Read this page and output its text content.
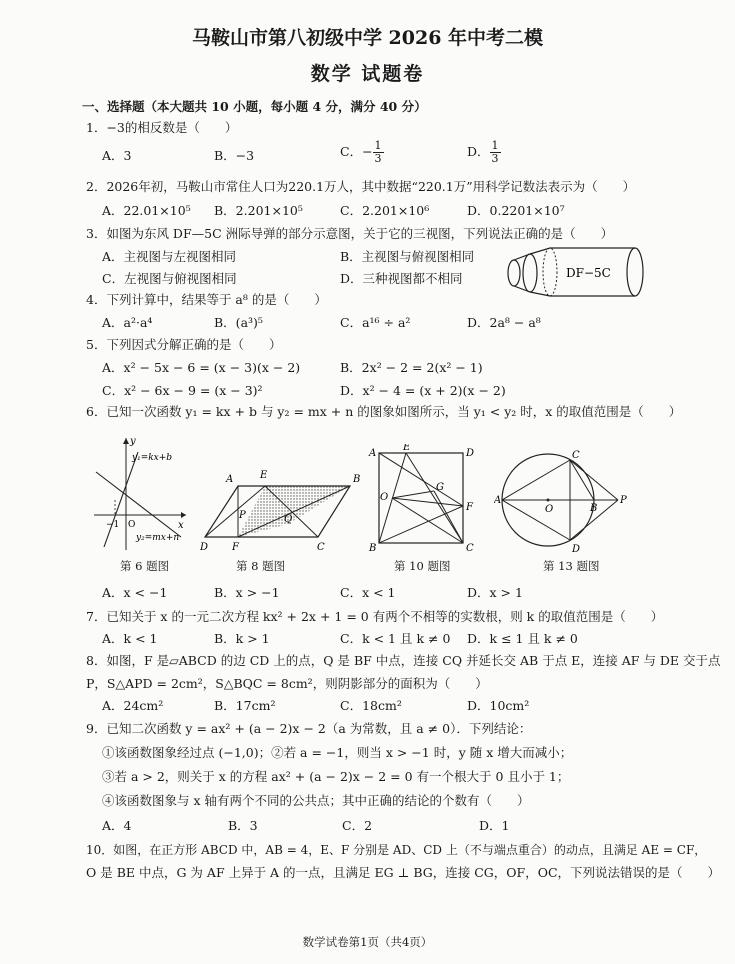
马鞍山市第八初级中学 2026 年中考二模
数学 试题卷
一、选择题（本大题共 10 小题，每小题 4 分，满分 40 分）
1．−3的相反数是（　　）
A．3	B．−3	C．− $\frac{1}{3}$	D． $\frac{1}{3}$
2．2026年初，马鞍山市常住人口为220.1万人，其中数据“220.1万”用科学记数法表示为（　　）
A．22.01×10⁵ B．2.201×10⁵	C．2.201×10⁶	D．0.2201×10⁷
3．如图为东风 DF—5C 洲际导弹的部分示意图，关于它的三视图，下列说法正确的是（　　）
A．主视图与左视图相同	B．主视图与俯视图相同
C．左视图与俯视图相同	D．三种视图都不相同	DF−5C
4．下列计算中，结果等于 a⁸ 的是（　　）
A．a²·a⁴	B．(a³)⁵	C．a¹⁶ ÷ a²	D．2a⁸ − a⁸
5．下列因式分解正确的是（　　）
A．x² − 5x − 6 = (x − 3)(x − 2)	B．2x² − 2 = 2(x² − 1)
C．x² − 6x − 9 = (x − 3)²	D．x² − 4 = (x + 2)(x − 2)
6．已知一次函数 y₁ = kx + b 与 y₂ = mx + n 的图象如图所示，当 y₁ < y₂ 时，x 的取值范围是（　　）
y
x
O
−1
y₁=kx+b
y₂=mx+n
第 6 题图
A	E	B
P	Q
D F	C
第 8 题图
A
E
D
G
O
F
B	C
第 10 题图
A
C
O	B
P
D
第 13 题图
A．x < −1	B．x > −1	C．x < 1	D．x > 1
7．已知关于 x 的一元二次方程 kx² + 2x + 1 = 0 有两个不相等的实数根，则 k 的取值范围是（　　）
A．k < 1	B．k > 1	C．k < 1 且 k ≠ 0 D．k ≤ 1 且 k ≠ 0
8．如图，F 是▱ABCD 的边 CD 上的点，Q 是 BF 中点，连接 CQ 并延长交 AB 于点 E，连接 AF 与 DE 交于点
P，S△APD = 2cm²，S△BQC = 8cm²，则阴影部分的面积为（　　）
A．24cm²	B．17cm²	C．18cm²	D．10cm²
9．已知二次函数 y = ax² + (a − 2)x − 2（a 为常数，且 a ≠ 0）．下列结论：
①该函数图象经过点 (−1,0)；②若 a = −1，则当 x > −1 时，y 随 x 增大而减小；
③若 a > 2，则关于 x 的方程 ax² + (a − 2)x − 2 = 0 有一个根大于 0 且小于 1；
④该函数图象与 x 轴有两个不同的公共点；其中正确的结论的个数有（　　）
A．4	B．3	C．2	D．1
10．如图，在正方形 ABCD 中，AB = 4，E、F 分别是 AD、CD 上（不与端点重合）的动点，且满足 AE = CF，
O 是 BE 中点，G 为 AF 上异于 A 的一点，且满足 EG ⊥ BG，连接 CG，OF，OC，下列说法错误的是（　　）
数学试卷第1页（共4页）
